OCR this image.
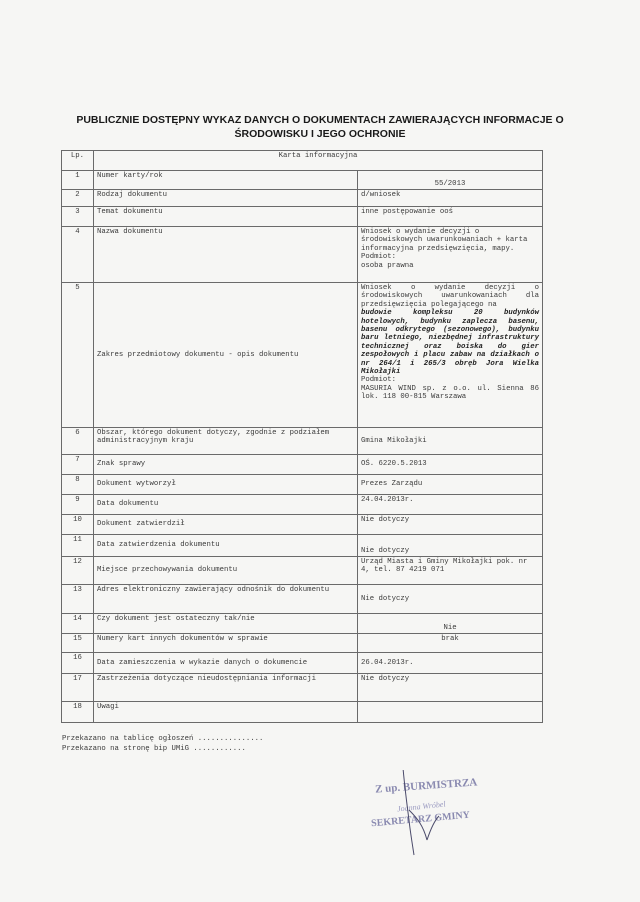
PUBLICZNIE DOSTĘPNY WYKAZ DANYCH O DOKUMENTACH ZAWIERAJĄCYCH INFORMACJE O
ŚRODOWISKU I JEGO OCHRONIE
Lp.	Karta informacyjna	
1	Numer karty/rok	55/2013
2	Rodzaj dokumentu	d/wniosek
3	Temat dokumentu	inne postępowanie ooś
4	Nazwa dokumentu	Wniosek o wydanie decyzji o środowiskowych uwarunkowaniach + karta informacyjna przedsięwzięcia, mapy.
Podmiot:
osoba prawna

5	Zakres przedmiotowy dokumentu - opis dokumentu	Wniosek o wydanie decyzji o środowiskowych uwarunkowaniach dla przedsięwzięcia polegającego na
budowie kompleksu 20 budynków hotelowych, budynku zaplecza basenu, basenu odkrytego (sezonowego), budynku baru letniego, niezbędnej infrastruktury technicznej oraz boiska do gier zespołowych i placu zabaw na działkach o nr 264/1 i 265/3 obręb Jora Wielka Mikołajki
Podmiot:
MASURIA WIND sp. z o.o. ul. Sienna 86 lok. 118 00-815 Warszawa

6	Obszar, którego dokument dotyczy, zgodnie z podziałem administracyjnym kraju	Gmina Mikołajki
7	Znak sprawy	OŚ. 6220.5.2013
8	Dokument wytworzył	Prezes Zarządu
9	Data dokumentu	24.04.2013r.
10	Dokument zatwierdził	Nie dotyczy
11	Data zatwierdzenia dokumentu	Nie dotyczy
12	Miejsce przechowywania dokumentu	Urząd Miasta i Gminy Mikołajki pok. nr 4, tel. 87 4219 071
13	Adres elektroniczny zawierający odnośnik do dokumentu	Nie dotyczy
14	Czy dokument jest ostateczny tak/nie	Nie
15	Numery kart innych dokumentów w sprawie	brak
16	Data zamieszczenia w wykazie danych o dokumencie	26.04.2013r.
17	Zastrzeżenia dotyczące nieudostępniania informacji	Nie dotyczy
18	Uwagi	
Przekazano na tablicę ogłoszeń ...............
Przekazano na stronę bip UMiG ............
Z up. BURMISTRZA
Joanna Wróbel
SEKRETARZ GMINY
